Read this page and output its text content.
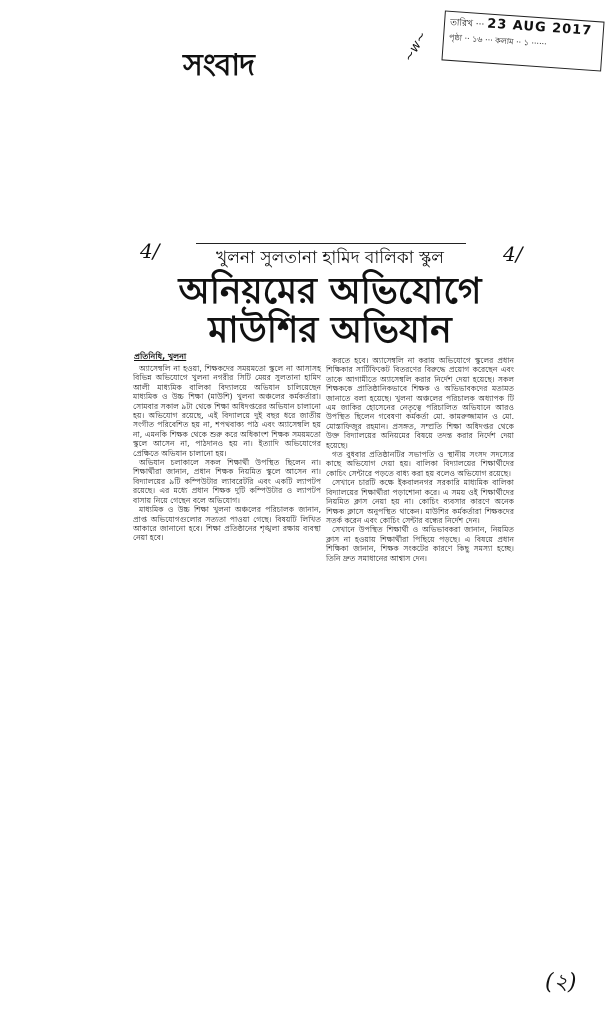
সংবাদ
~w~
তারিখ ··· 23 AUG 2017
পৃষ্ঠা ·· ১৬ ··· কলাম ·· ১ ······
4/	4/
খুলনা সুলতানা হামিদ বালিকা স্কুল
অনিয়মের অভিযোগে
মাউশির অভিযান
প্রতিনিধি, খুলনা

অ্যাসেম্বলি না হওয়া, শিক্ষকদের সময়মতো স্কুলে না আসাসহ বিভিন্ন অভিযোগে খুলনা নগরীর সিটি মেয়র সুলতানা হামিদ আলী মাধ্যমিক বালিকা বিদ্যালয়ে অভিযান চালিয়েছেন মাধ্যমিক ও উচ্চ শিক্ষা (মাউশি) খুলনা অঞ্চলের কর্মকর্তারা। সোমবার সকাল ৯টা থেকে শিক্ষা অধিদপ্তরের অভিযান চালানো হয়। অভিযোগ রয়েছে, এই বিদ্যালয়ে দুই বছর ধরে জাতীয় সংগীত পরিবেশিত হয় না, শপথবাক্য পাঠ এবং অ্যাসেম্বলি হয় না, এমনকি শিক্ষক থেকে শুরু করে অধিকাংশ শিক্ষক সময়মতো স্কুলে আসেন না, পাঠদানও হয় না। ইত্যাদি অভিযোগের প্রেক্ষিতে অভিযান চালানো হয়।

অভিযান চলাকালে সকল শিক্ষার্থী উপস্থিত ছিলেন না। শিক্ষার্থীরা জানান, প্রধান শিক্ষক নিয়মিত স্কুলে আসেন না। বিদ্যালয়ের ৯টি কম্পিউটার ল্যাবরেটরি এবং একটি ল্যাপটপ রয়েছে। এর মধ্যে প্রধান শিক্ষক দুটি কম্পিউটার ও ল্যাপটপ বাসায় নিয়ে গেছেন বলে অভিযোগ।

মাধ্যমিক ও উচ্চ শিক্ষা খুলনা অঞ্চলের পরিচালক জানান, প্রাপ্ত অভিযোগগুলোর সত্যতা পাওয়া গেছে। বিষয়টি লিখিত আকারে জানানো হবে। শিক্ষা প্রতিষ্ঠানের শৃঙ্খলা রক্ষায় ব্যবস্থা নেয়া হবে।

করতে হবে। অ্যাসেম্বলি না করায় অভিযোগে স্কুলের প্রধান শিক্ষিকার সার্টিফিকেট বিতরণের বিরুদ্ধে প্রয়োগ করেছেন এবং তাকে আগামীতে অ্যাসেম্বলি করার নির্দেশ দেয়া হয়েছে। সকল শিক্ষককে প্রাতিষ্ঠানিকভাবে শিক্ষক ও অভিভাবকদের মতামত জানাতে বলা হয়েছে। খুলনা অঞ্চলের পরিচালক অধ্যাপক টি এম জাকির হোসেনের নেতৃত্বে পরিচালিত অভিযানে আরও উপস্থিত ছিলেন গবেষণা কর্মকর্তা মো. কামরুজ্জামান ও মো. মোস্তাফিজুর রহমান। প্রসঙ্গত, সম্প্রতি শিক্ষা অধিদপ্তর থেকে উক্ত বিদ্যালয়ের অনিয়মের বিষয়ে তদন্ত করার নির্দেশ দেয়া হয়েছে।

গত বুধবার প্রতিষ্ঠানটির সভাপতি ও স্থানীয় সংসদ সদস্যের কাছে অভিযোগ দেয়া হয়। বালিকা বিদ্যালয়ের শিক্ষার্থীদের কোচিং সেন্টারে পড়তে বাধ্য করা হয় বলেও অভিযোগ রয়েছে।

সেখানে চারটি কক্ষে ইকবালনগর সরকারি মাধ্যমিক বালিকা বিদ্যালয়ের শিক্ষার্থীরা পড়াশোনা করে। এ সময় ওই শিক্ষার্থীদের নিয়মিত ক্লাস নেয়া হয় না। কোচিং ব্যবসার কারণে অনেক শিক্ষক ক্লাসে অনুপস্থিত থাকেন। মাউশির কর্মকর্তারা শিক্ষকদের সতর্ক করেন এবং কোচিং সেন্টার বন্ধের নির্দেশ দেন।

সেখানে উপস্থিত শিক্ষার্থী ও অভিভাবকরা জানান, নিয়মিত ক্লাস না হওয়ায় শিক্ষার্থীরা পিছিয়ে পড়ছে। এ বিষয়ে প্রধান শিক্ষিকা জানান, শিক্ষক সংকটের কারণে কিছু সমস্যা হচ্ছে। তিনি দ্রুত সমাধানের আশ্বাস দেন।

(২)
